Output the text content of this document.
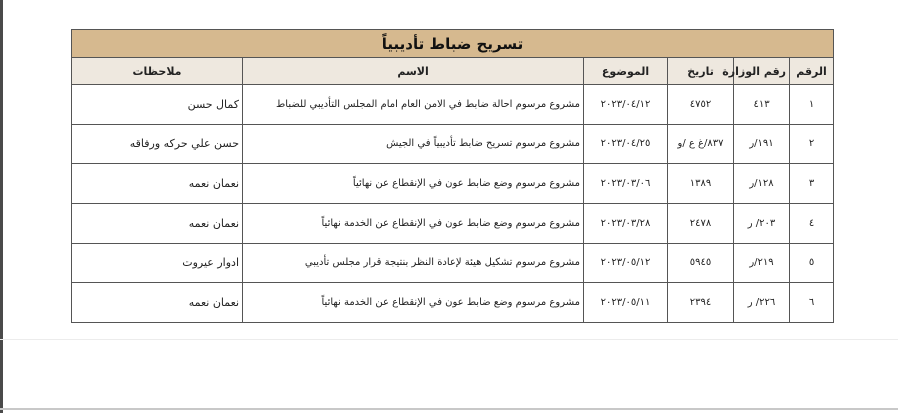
تسريح ضباط تأديبياً					
الرقم	رقم الوزارة	تاريخ	الموضوع	الاسم	ملاحظات
١	٤١٣	٤٧٥٢	٢٠٢٣/٠٤/١٢	مشروع مرسوم احالة ضابط في الامن العام امام المجلس التأديبي للضباط	كمال حسن
٢	١٩١/ر	٨٣٧/غ ع /و	٢٠٢٣/٠٤/٢٥	مشروع مرسوم تسريح ضابط تأديبياً في الجيش	حسن علي حركه ورفاقه
٣	١٢٨/ر	١٣٨٩	٢٠٢٣/٠٣/٠٦	مشروع مرسوم وضع ضابط عون في الإنقطاع عن نهائياً	نعمان نعمه
٤	٢٠٣/ ر	٢٤٧٨	٢٠٢٣/٠٣/٢٨	مشروع مرسوم وضع ضابط عون في الإنقطاع عن الخدمة نهائياً	نعمان نعمه
٥	٢١٩/ر	٥٩٤٥	٢٠٢٣/٠٥/١٢	مشروع مرسوم تشكيل هيئة لإعادة النظر بنتيجة قرار مجلس تأديبي	ادوار عيروت
٦	٢٢٦/ ر	٢٣٩٤	٢٠٢٣/٠٥/١١	مشروع مرسوم وضع ضابط عون في الإنقطاع عن الخدمة نهائياً	نعمان نعمه
